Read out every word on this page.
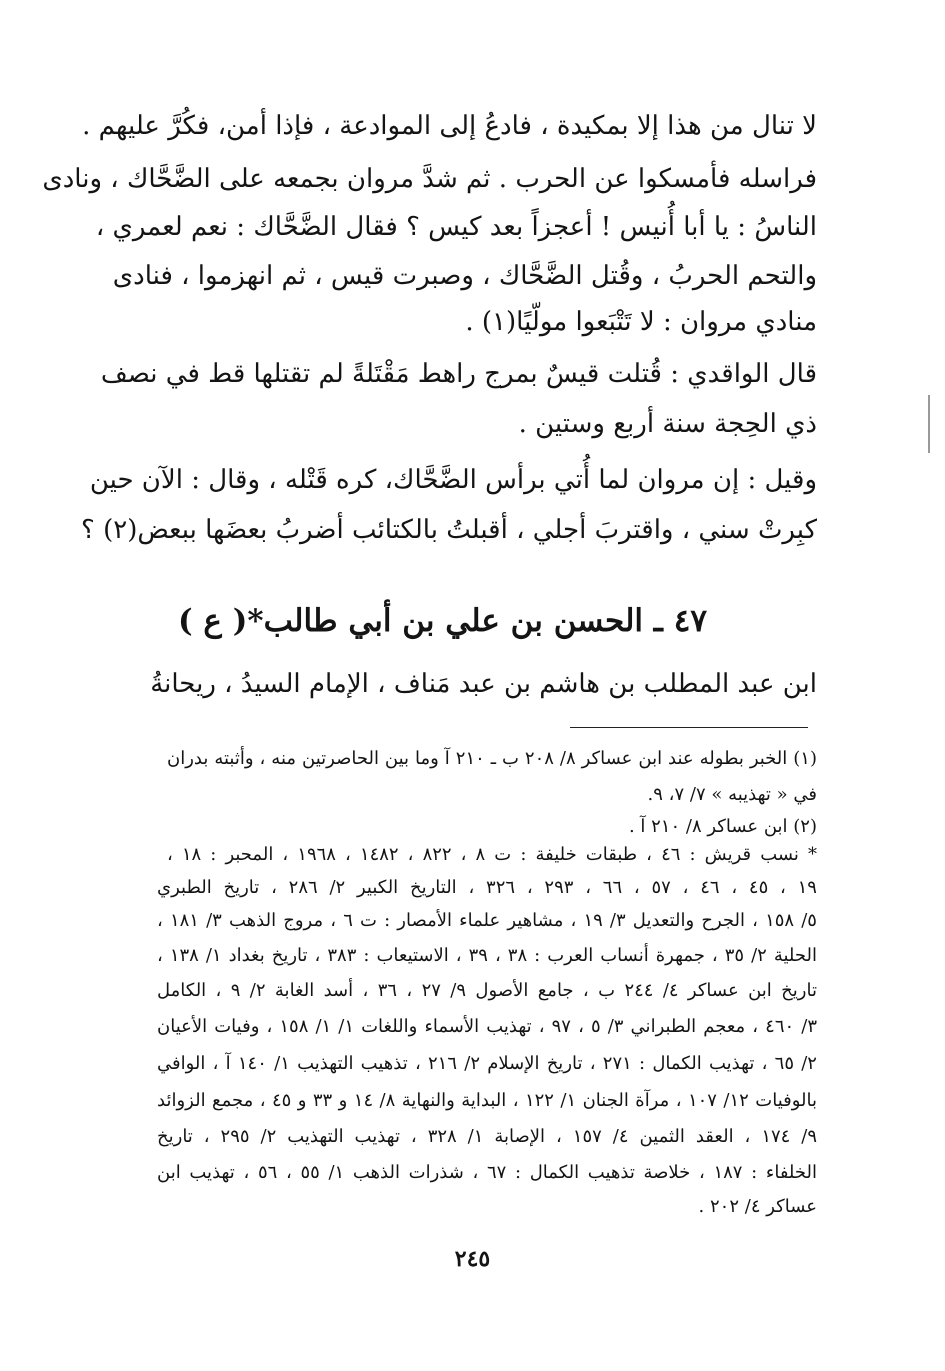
لا تنال من هذا إلا بمكيدة ، فادعُ إلى الموادعة ، فإذا أمن، فكُرَّ عليهم .
فراسله فأمسكوا عن الحرب . ثم شدَّ مروان بجمعه على الضَّحَّاك ، ونادى
الناسُ : يا أبا أُنيس ! أعجزاً بعد كيس ؟ فقال الضَّحَّاك : نعم لعمري ،
والتحم الحربُ ، وقُتل الضَّحَّاك ، وصبرت قيس ، ثم انهزموا ، فنادى
منادي مروان : لا تَتْبَعوا مولّيًا(١) .
قال الواقدي : قُتلت قيسٌ بمرج راهط مَقْتَلةً لم تقتلها قط في نصف
ذي الحِجة سنة أربع وستين .
وقيل : إن مروان لما أُتي برأس الضَّحَّاك، كره قَتْله ، وقال : الآن حين
كبِرتْ سني ، واقتربَ أجلي ، أقبلتُ بالكتائب أضربُ بعضَها ببعض(٢) ؟
٤٧ ـ الحسن بن علي بن أبي طالب*( ع )
ابن عبد المطلب بن هاشم بن عبد مَناف ، الإمام السيدُ ، ريحانةُ
(١) الخبر بطوله عند ابن عساكر ٨/ ٢٠٨ ب ـ ٢١٠ آ وما بين الحاصرتين منه ، وأثبته بدران
في « تهذيبه » ٧/ ٧، ٩.
(٢) ابن عساكر ٨/ ٢١٠ آ .
* نسب قريش : ٤٦ ، طبقات خليفة : ت ٨ ، ٨٢٢ ، ١٤٨٢ ، ١٩٦٨ ، المحبر : ١٨ ،
١٩ ، ٤٥ ، ٤٦ ، ٥٧ ، ٦٦ ، ٢٩٣ ، ٣٢٦ ، التاريخ الكبير ٢/ ٢٨٦ ، تاريخ الطبري
٥/ ١٥٨ ، الجرح والتعديل ٣/ ١٩ ، مشاهير علماء الأمصار : ت ٦ ، مروج الذهب ٣/ ١٨١ ،
الحلية ٢/ ٣٥ ، جمهرة أنساب العرب : ٣٨ ، ٣٩ ، الاستيعاب : ٣٨٣ ، تاريخ بغداد ١/ ١٣٨ ،
تاريخ ابن عساكر ٤/ ٢٤٤ ب ، جامع الأصول ٩/ ٢٧ ، ٣٦ ، أسد الغابة ٢/ ٩ ، الكامل
٣/ ٤٦٠ ، معجم الطبراني ٣/ ٥ ، ٩٧ ، تهذيب الأسماء واللغات ١/ ١/ ١٥٨ ، وفيات الأعيان
٢/ ٦٥ ، تهذيب الكمال : ٢٧١ ، تاريخ الإسلام ٢/ ٢١٦ ، تذهيب التهذيب ١/ ١٤٠ آ ، الوافي
بالوفيات ١٢/ ١٠٧ ، مرآة الجنان ١/ ١٢٢ ، البداية والنهاية ٨/ ١٤ و ٣٣ و ٤٥ ، مجمع الزوائد
٩/ ١٧٤ ، العقد الثمين ٤/ ١٥٧ ، الإصابة ١/ ٣٢٨ ، تهذيب التهذيب ٢/ ٢٩٥ ، تاريخ
الخلفاء : ١٨٧ ، خلاصة تذهيب الكمال : ٦٧ ، شذرات الذهب ١/ ٥٥ ، ٥٦ ، تهذيب ابن
عساكر ٤/ ٢٠٢ .
٢٤٥
